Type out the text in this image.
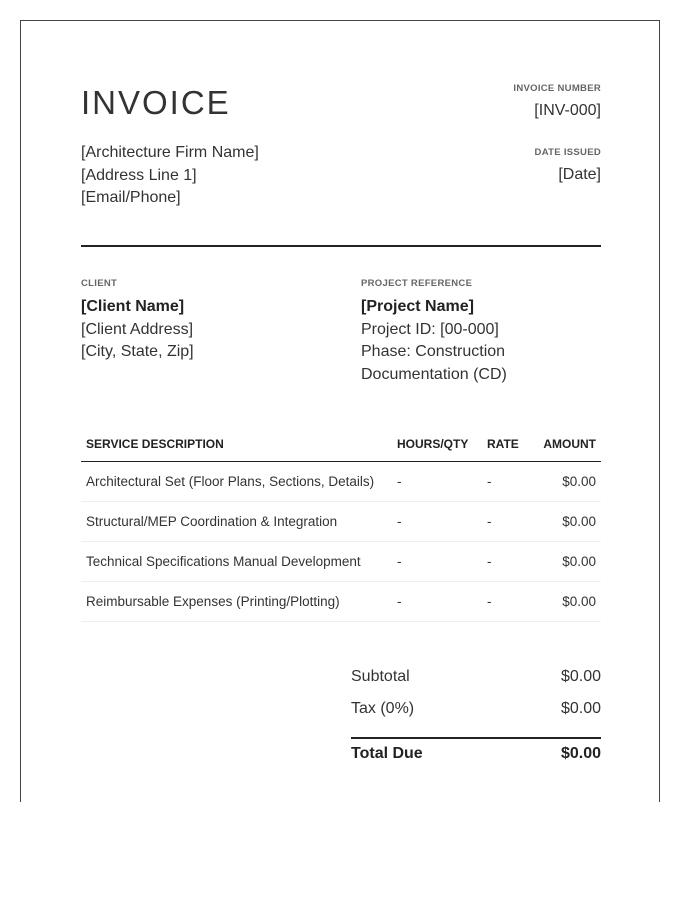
INVOICE
[Architecture Firm Name]
[Address Line 1]
[Email/Phone]
INVOICE NUMBER
[INV-000]
DATE ISSUED
[Date]
CLIENT
[Client Name]
[Client Address]
[City, State, Zip]
PROJECT REFERENCE
[Project Name]
Project ID: [00-000]
Phase: Construction
Documentation (CD)
SERVICE DESCRIPTION	HOURS/QTY	RATE	AMOUNT
Architectural Set (Floor Plans, Sections, Details)	-	-	$0.00
Structural/MEP Coordination & Integration	-	-	$0.00
Technical Specifications Manual Development	-	-	$0.00
Reimbursable Expenses (Printing/Plotting)	-	-	$0.00
Subtotal	$0.00
Tax (0%)	$0.00
Total Due	$0.00
